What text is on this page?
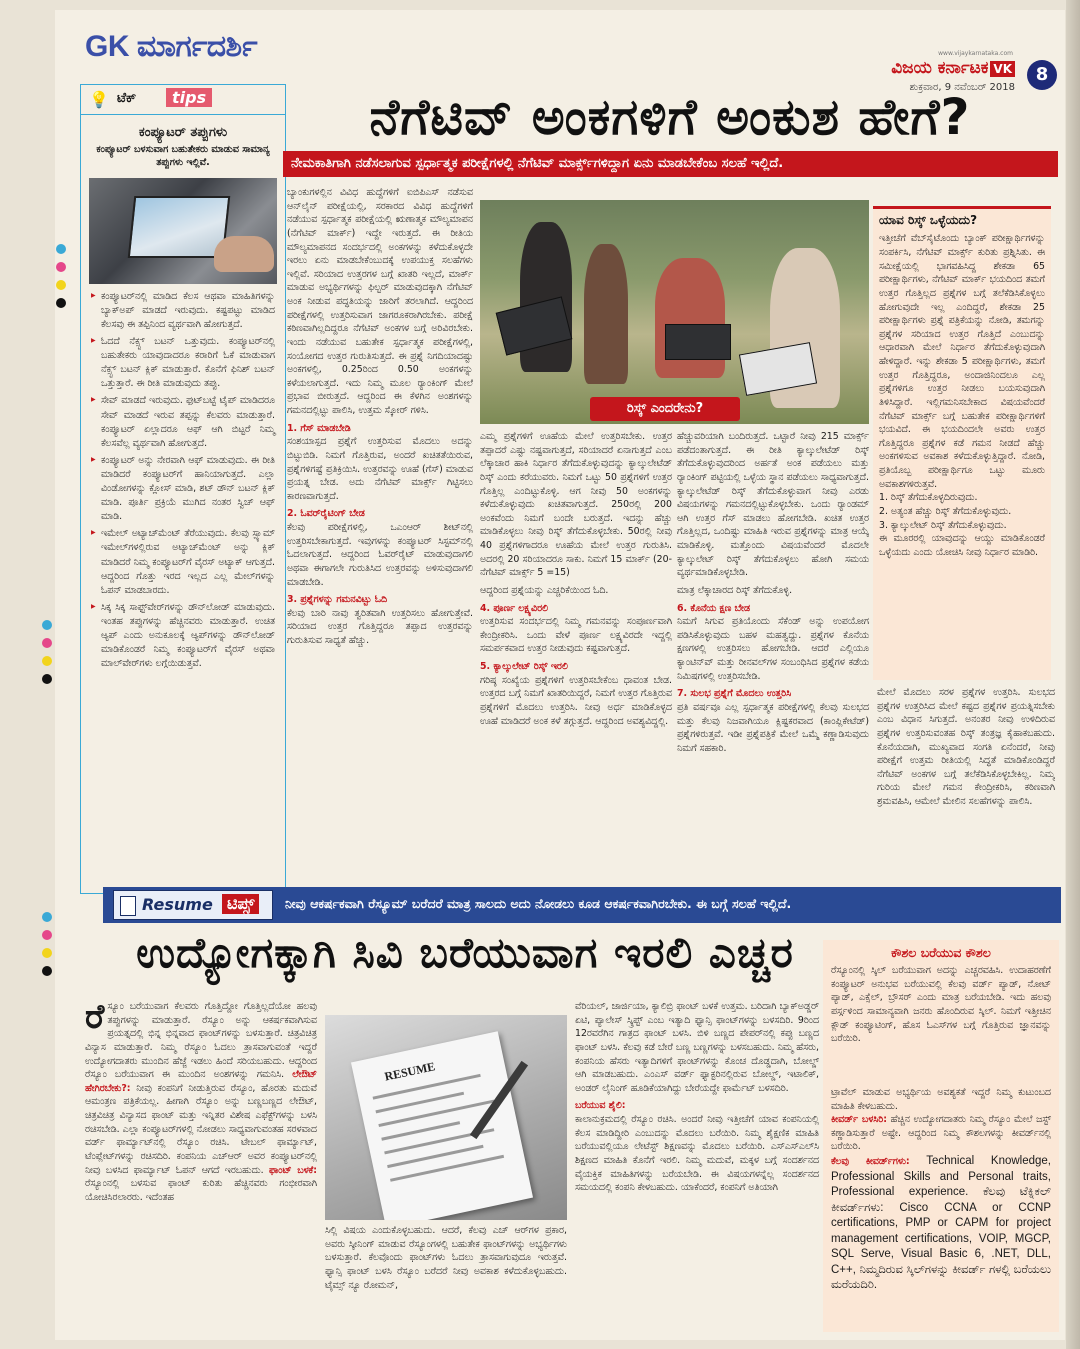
GK ಮಾರ್ಗದರ್ಶಿ	www.vijaykarnataka.com
ವಿಜಯ ಕರ್ನಾಟಕ VK	8
ಶುಕ್ರವಾರ, 9 ನವೆಂಬರ್ 2018
💡 ಟೆಕ್	tips
ಕಂಪ್ಯೂಟರ್ ತಪ್ಪುಗಳು
ಕಂಪ್ಯೂಟರ್ ಬಳಸುವಾಗ ಬಹುತೇಕರು ಮಾಡುವ ಸಾಮಾನ್ಯ ತಪ್ಪುಗಳು ಇಲ್ಲಿವೆ.
▶ ಕಂಪ್ಯೂಟರ್‌ನಲ್ಲಿ ಮಾಡಿದ ಕೆಲಸ ಆಥವಾ ಮಾಹಿತಿಗಳನ್ನು ಬ್ಯಾಕ್‌ಅಪ್ ಮಾಡದೆ ಇರುವುದು. ಕಷ್ಟಪಟ್ಟು ಮಾಡಿದ ಕೆಲಸವು ಈ ತಪ್ಪಿನಿಂದ ವ್ಯರ್ಥವಾಗಿ ಹೋಗುತ್ತದೆ.
▶ ಓದದೆ ನೆಕ್ಸ್ಟ್ ಬಟನ್ ಒತ್ತುವುದು. ಕಂಪ್ಯೂಟರ್‌ನಲ್ಲಿ ಬಹುತೇಕರು ಯಾವುದಾದರೂ ಕರಾರಿಗೆ ಓಕೆ ಮಾಡುವಾಗ ನೆಕ್ಸ್ಟ್ ಬಟನ್ ಕ್ಲಿಕ್ ಮಾಡುತ್ತಾರೆ. ಕೊನೆಗೆ ಫಿನಿಶ್ ಬಟನ್ ಒತ್ತುತ್ತಾರೆ. ಈ ರೀತಿ ಮಾಡುವುದು ತಪ್ಪು.
▶ ಸೇವ್ ಮಾಡದೆ ಇರುವುದು. ಫುಟ್‌ಬಟ್ಟೆ ಟೈಪ್ ಮಾಡಿದರೂ ಸೇವ್ ಮಾಡದೆ ಇರುವ ತಪ್ಪನ್ನು ಕೆಲವರು ಮಾಡುತ್ತಾರೆ. ಕಂಪ್ಯೂಟರ್ ಏಲ್ಲಾದರೂ ಆಫ್ ಆಗಿ ಬಿಟ್ಟರೆ ನಿಮ್ಮ ಕೆಲಸವೆಲ್ಲ ವ್ಯರ್ಥವಾಗಿ ಹೋಗುತ್ತದೆ.
▶ ಕಂಪ್ಯೂಟರ್ ಅನ್ನು ನೇರವಾಗಿ ಆಫ್ ಮಾಡುವುದು. ಈ ರೀತಿ ಮಾಡಿದರೆ ಕಂಪ್ಯೂಟರ್‌ಗೆ ಹಾನಿಯಾಗುತ್ತದೆ. ಎಲ್ಲಾ ವಿಂಡೋಗಳನ್ನು ಕ್ಲೋಸ್ ಮಾಡಿ, ಶಟ್ ಡೌನ್ ಬಟನ್ ಕ್ಲಿಕ್ ಮಾಡಿ. ಪೂರ್ತಿ ಪ್ರಕ್ರಿಯೆ ಮುಗಿದ ನಂತರ ಸ್ವಿಚ್ ಆಫ್ ಮಾಡಿ.
▶ ಇಮೇಲ್ ಅಟ್ಯಾಚ್‌ಮೆಂಟ್ ತೆರೆಯುವುದು. ಕೆಲವು ಸ್ಪ್ಯಾಮ್ ಇಮೇಲ್‌ಗಳಲ್ಲಿರುವ ಅಟ್ಯಾಚ್‌ಮೆಂಟ್ ಅನ್ನು ಕ್ಲಿಕ್ ಮಾಡಿದರೆ ನಿಮ್ಮ ಕಂಪ್ಯೂಟರ್‌ಗೆ ವೈರಸ್ ಅಟ್ಯಾಕ್ ಆಗುತ್ತದೆ. ಆದ್ದರಿಂದ ಗೊತ್ತು ಇರದ ಇಲ್ಲದ ಎಲ್ಲ ಮೇಲ್‌ಗಳನ್ನು ಓಪನ್ ಮಾಡಬಾರದು.
▶ ಸಿಕ್ಕ ಸಿಕ್ಕ ಸಾಫ್ಟ್‌ವೇರ್‌ಗಳನ್ನು ಡೌನ್‌ಲೋಡ್ ಮಾಡುವುದು. ಇಂತಹ ತಪ್ಪುಗಳನ್ನು ಹೆಚ್ಚಿನವರು ಮಾಡುತ್ತಾರೆ. ಉಚಿತ ಆ್ಯಪ್ ಎಂದು ಅನುಕೂಲಕ್ಕೆ ಆ್ಯಪ್‌ಗಳನ್ನು ಡೌನ್‌ಲೋಡ್ ಮಾಡಿಕೊಂಡರೆ ನಿಮ್ಮ ಕಂಪ್ಯೂಟರ್‌ಗೆ ವೈರಸ್ ಅಥವಾ ಮಾಲ್‌ವೇರ್‌ಗಳು ಲಗ್ಗೆಯಿಡುತ್ತವೆ.
ನೆಗೆಟಿವ್ ಅಂಕಗಳಿಗೆ ಅಂಕುಶ ಹೇಗೆ?
ನೇಮಕಾತಿಗಾಗಿ ನಡೆಸಲಾಗುವ ಸ್ಪರ್ಧಾತ್ಮಕ ಪರೀಕ್ಷೆಗಳಲ್ಲಿ ನೆಗೆಟಿವ್ ಮಾರ್ಕ್ಸ್‌ಗಳಿದ್ದಾಗ ಏನು ಮಾಡಬೇಕೆಂಬ ಸಲಹೆ ಇಲ್ಲಿದೆ.
ಬ್ಯಾಂಕುಗಳಲ್ಲಿನ ವಿವಿಧ ಹುದ್ದೆಗಳಿಗೆ ಐಬಿಪಿಎಸ್ ನಡೆಸುವ ಆನ್‌ಲೈನ್ ಪರೀಕ್ಷೆಯಲ್ಲಿ, ಸರಕಾರದ ವಿವಿಧ ಹುದ್ದೆಗಳಿಗೆ ನಡೆಯುವ ಸ್ಪರ್ಧಾತ್ಮಕ ಪರೀಕ್ಷೆಯಲ್ಲಿ ಋಣಾತ್ಮಕ ಮೌಲ್ಯಮಾಪನ (ನೆಗೆಟಿವ್ ಮಾರ್ಕ್) ಇದ್ದೇ ಇರುತ್ತದೆ. ಈ ರೀತಿಯ ಮೌಲ್ಯಮಾಪನದ ಸಂದರ್ಭದಲ್ಲಿ ಅಂಕಗಳನ್ನು ಕಳೆದುಕೊಳ್ಳದೇ ಇರಲು ಏನು ಮಾಡಬೇಕೆಂಬುದಕ್ಕೆ ಉಪಯುಕ್ತ ಸಲಹೆಗಳು ಇಲ್ಲಿವೆ. ಸರಿಯಾದ ಉತ್ತರಗಳ ಬಗ್ಗೆ ಖಾತರಿ ಇಲ್ಲದೆ, ಮಾರ್ಕ್ ಮಾಡುವ ಅಭ್ಯರ್ಥಿಗಳನ್ನು ಫಿಲ್ಟರ್ ಮಾಡುವುದಕ್ಕಾಗಿ ನೆಗೆಟಿವ್ ಅಂಕ ನೀಡುವ ಪದ್ಧತಿಯನ್ನು ಜಾರಿಗೆ ತರಲಾಗಿದೆ. ಆದ್ದರಿಂದ ಪರೀಕ್ಷೆಗಳಲ್ಲಿ ಉತ್ತರಿಸುವಾಗ ಜಾಗರೂಕರಾಗಿರಬೇಕು. ಪರೀಕ್ಷೆ ಕಠಿಣವಾಗಿಲ್ಲದಿದ್ದರೂ ನೆಗೆಟಿವ್ ಅಂಕಗಳ ಬಗ್ಗೆ ಅರಿವಿರಬೇಕು. ಇಂದು ನಡೆಯುವ ಬಹುತೇಕ ಸ್ಪರ್ಧಾತ್ಮಕ ಪರೀಕ್ಷೆಗಳಲ್ಲಿ, ಸಂಯೋಗದ ಉತ್ತರ ಗುರುತಿಸುತ್ತದೆ. ಈ ಪ್ರಶ್ನೆ ನಿಗದಿಯಾದಷ್ಟು ಅಂಕಗಳಲ್ಲಿ, 0.25ರಿಂದ 0.50 ಅಂಕಗಳನ್ನು ಕಳೆಯಲಾಗುತ್ತದೆ. ಇದು ನಿಮ್ಮ ಮೂಲ ರ್‍ಯಾಂಕಿಂಗ್ ಮೇಲೆ ಪ್ರಭಾವ ಬೀರುತ್ತದೆ. ಆದ್ದರಿಂದ ಈ ಕೆಳಗಿನ ಅಂಶಗಳನ್ನು ಗಮನದಲ್ಲಿಟ್ಟು ಪಾಲಿಸಿ, ಉತ್ತಮ ಸ್ಕೋರ್ ಗಳಿಸಿ.
1. ಗೆಸ್ ಮಾಡಬೇಡಿ
ಸಂಶಯಾಸ್ಪದ ಪ್ರಶ್ನೆಗೆ ಉತ್ತರಿಸುವ ಮೊದಲು ಅದನ್ನು ಬಿಟ್ಟುಬಿಡಿ. ನಿಮಗೆ ಗೊತ್ತಿರುವ, ಅಂದರೆ ಖಚಿತತೆಯಿರುವ, ಪ್ರಶ್ನೆಗಳಿಗಷ್ಟೆ ಪ್ರತಿಕ್ರಿಯಿಸಿ. ಉತ್ತರವನ್ನು ಊಹೆ (ಗೆಸ್) ಮಾಡುವ ಪ್ರಯತ್ನ ಬೇಡ. ಅದು ನೆಗೆಟಿವ್ ಮಾರ್ಕ್ಸ್ ಗಿಟ್ಟಿಸಲು ಕಾರಣವಾಗುತ್ತದೆ.
2. ಓವರ್‌ರೈಟಿಂಗ್ ಬೇಡ
ಕೆಲವು ಪರೀಕ್ಷೆಗಳಲ್ಲಿ, ಒಎಂಆರ್ ಶೀಟ್‌ನಲ್ಲಿ ಉತ್ತರಿಸಬೇಕಾಗುತ್ತದೆ. ಇವುಗಳನ್ನು ಕಂಪ್ಯೂಟರ್ ಸಿಸ್ಟಮ್‌ನಲ್ಲಿ ಓದಲಾಗುತ್ತದೆ. ಆದ್ದರಿಂದ ಓವರ್‌ರೈಟ್ ಮಾಡುವುದಾಗಲಿ ಅಥವಾ ಈಗಾಗಲೇ ಗುರುತಿಸಿದ ಉತ್ತರವನ್ನು ಅಳಿಸುವುದಾಗಲಿ ಮಾಡಬೇಡಿ.
3. ಪ್ರಶ್ನೆಗಳನ್ನು ಗಮನವಿಟ್ಟು ಓದಿ
ಕೆಲವು ಬಾರಿ ನಾವು ತ್ವರಿತವಾಗಿ ಉತ್ತರಿಸಲು ಹೋಗುತ್ತೇವೆ. ಸರಿಯಾದ ಉತ್ತರ ಗೊತ್ತಿದ್ದರೂ ತಪ್ಪಾದ ಉತ್ತರವನ್ನು ಗುರುತಿಸುವ ಸಾಧ್ಯತೆ ಹೆಚ್ಚು.
ರಿಸ್ಕ್ ಎಂದರೇನು?
ಎಮ್ಮ ಪ್ರಶ್ನೆಗಳಿಗೆ ಊಹೆಯ ಮೇಲೆ ಉತ್ತರಿಸಬೇಕು. ಉತ್ತರ ತಪ್ಪಾದರೆ ಎಷ್ಟು ನಷ್ಟವಾಗುತ್ತದೆ, ಸರಿಯಾದರೆ ಏನಾಗುತ್ತದೆ ಎಂಬ ಲೆಕ್ಕಾಚಾರ ಹಾಕಿ ನಿರ್ಧಾರ ತೆಗೆದುಕೊಳ್ಳುವುದನ್ನು ಕ್ಯಾಲ್ಕುಲೇಟೆಡ್ ರಿಸ್ಕ್ ಎಂದು ಕರೆಯುವರು. ನಿಮಗೆ ಒಟ್ಟು 50 ಪ್ರಶ್ನೆಗಳಿಗೆ ಉತ್ತರ ಗೊತ್ತಿಲ್ಲ ಎಂದಿಟ್ಟುಕೊಳ್ಳಿ. ಆಗ ನೀವು 50 ಅಂಕಗಳನ್ನು ಕಳೆದುಕೊಳ್ಳುವುದು ಖಚಿತವಾಗುತ್ತದೆ. 250ರಲ್ಲಿ 200 ಅಂಕವೆಂದು ನಿಮಗೆ ಬಂದೇ ಬರುತ್ತದೆ. ಇದನ್ನು ಹೆಚ್ಚು ಮಾಡಿಕೊಳ್ಳಲು ನೀವು ರಿಸ್ಕ್ ತೆಗೆದುಕೊಳ್ಳಬೇಕು. 50ರಲ್ಲಿ ನೀವು 40 ಪ್ರಶ್ನೆಗಳಿಗಾದರೂ ಊಹೆಯ ಮೇಲೆ ಉತ್ತರ ಗುರುತಿಸಿ. ಅದರಲ್ಲಿ 20 ಸರಿಯಾದರೂ ಸಾಕು. ನಿಮಗೆ 15 ಮಾರ್ಕ್ (20-ನೆಗೆಟಿವ್ ಮಾರ್ಕ್ಸ್ 5 =15)
ಆದ್ದರಿಂದ ಪ್ರಶ್ನೆಯನ್ನು ಎಚ್ಚರಿಕೆಯಿಂದ ಓದಿ.
4. ಪೂರ್ಣ ಲಕ್ಷ್ಯವಿರಲಿ
ಉತ್ತರಿಸುವ ಸಂದರ್ಭದಲ್ಲಿ ನಿಮ್ಮ ಗಮನವನ್ನು ಸಂಪೂರ್ಣವಾಗಿ ಕೇಂದ್ರೀಕರಿಸಿ. ಒಂದು ವೇಳೆ ಪೂರ್ಣ ಲಕ್ಷ್ಯವಿರದೇ ಇದ್ದಲ್ಲಿ ಸಮರ್ಪಕವಾದ ಉತ್ತರ ನೀಡುವುದು ಕಷ್ಟವಾಗುತ್ತದೆ.
5. ಕ್ಯಾಲ್ಕುಲೇಟ್ ರಿಸ್ಕ್ ಇರಲಿ
ಗರಿಷ್ಠ ಸಂಖ್ಯೆಯ ಪ್ರಶ್ನೆಗಳಿಗೆ ಉತ್ತರಿಸಬೇಕೆಂಬ ಧಾವಂತ ಬೇಡ. ಉತ್ತರದ ಬಗ್ಗೆ ನಿಮಗೆ ಖಾತರಿಯಿದ್ದರೆ, ನಿಮಗೆ ಉತ್ತರ ಗೊತ್ತಿರುವ ಪ್ರಶ್ನೆಗಳಿಗೆ ಮೊದಲು ಉತ್ತರಿಸಿ. ನೀವು ಅರ್ಧ ಮಾಡಿಕೊಳ್ಳದ ಊಹೆ ಮಾಡಿದರೆ ಅಂಕ ಕಳೆ ತಗ್ಗುತ್ತದೆ. ಆದ್ದರಿಂದ ಅವಶ್ಯವಿದ್ದಲ್ಲಿ.
ಹೆಚ್ಚುವರಿಯಾಗಿ ಬಂದಿರುತ್ತದೆ. ಒಟ್ಟಾರೆ ನೀವು 215 ಮಾರ್ಕ್ಸ್ ಪಡೆದಂತಾಗುತ್ತದೆ. ಈ ರೀತಿ ಕ್ಯಾಲ್ಕುಲೇಟೆಡ್ ರಿಸ್ಕ್ ತೆಗೆದುಕೊಳ್ಳುವುದರಿಂದ ಅರ್ಹತೆ ಅಂಕ ಪಡೆಯಲು ಮತ್ತು ರ್‍ಯಾಂಕಿಂಗ್ ಪಟ್ಟಿಯಲ್ಲಿ ಒಳ್ಳೆಯ ಸ್ಥಾನ ಪಡೆಯಲು ಸಾಧ್ಯವಾಗುತ್ತದೆ. ಕ್ಯಾಲ್ಕುಲೇಟೆಡ್ ರಿಸ್ಕ್ ತೆಗೆದುಕೊಳ್ಳುವಾಗ ನೀವು ಎರಡು ವಿಷಯಗಳನ್ನು ಗಮನದಲ್ಲಿಟ್ಟುಕೊಳ್ಳಬೇಕು. ಒಂದು ರ್‍ಯಾಂಡಮ್ ಆಗಿ ಉತ್ತರ ಗೆಸ್ ಮಾಡಲು ಹೋಗಬೇಡಿ. ಖಚಿತ ಉತ್ತರ ಗೊತ್ತಿಲ್ಲದ, ಒಂದಿಷ್ಟು ಮಾಹಿತಿ ಇರುವ ಪ್ರಶ್ನೆಗಳನ್ನು ಮಾತ್ರ ಆಯ್ಕೆ ಮಾಡಿಕೊಳ್ಳಿ. ಮತ್ತೊಂದು ವಿಷಯವೆಂದರೆ ಮೊದಲೇ ಕ್ಯಾಲ್ಕುಲೇಟ್ ರಿಸ್ಕ್ ತೆಗೆದುಕೊಳ್ಳಲು ಹೋಗಿ ಸಮಯ ವ್ಯರ್ಥಮಾಡಿಕೊಳ್ಳಬೇಡಿ.
ಮಾತ್ರ ಲೆಕ್ಕಾಚಾರದ ರಿಸ್ಕ್ ತೆಗೆದುಕೊಳ್ಳಿ.
6. ಕೊನೆಯ ಕ್ಷಣ ಬೇಡ
ನಿಮಗೆ ಸಿಗುವ ಪ್ರತಿಯೊಂದು ಸೆಕೆಂಡ್ ಅನ್ನು ಉಪಯೋಗ ಪಡಿಸಿಕೊಳ್ಳುವುದು ಬಹಳ ಮಹತ್ವದ್ದು. ಪ್ರಶ್ನೆಗಳ ಕೊನೆಯ ಕ್ಷಣಗಳಲ್ಲಿ ಉತ್ತರಿಸಲು ಹೋಗಬೇಡಿ. ಆದರೆ ಎಲ್ಲಿಯೂ ಕ್ಯಾಂಟಿನ್‌ವ್‌ ಮತ್ತು ರೀನವಲ್‌ಗಳ ಸಂಬಂಧಿಸಿದ ಪ್ರಶ್ನೆಗಳ ಕಡೆಯ ನಿಮಿಷಗಳಲ್ಲಿ ಉತ್ತರಿಸಬೇಡಿ.
7. ಸುಲಭ ಪ್ರಶ್ನೆಗೆ ಮೊದಲು ಉತ್ತರಿಸಿ
ಪ್ರತಿ ವರ್ಷವೂ ಎಲ್ಲ ಸ್ಪರ್ಧಾತ್ಮಕ ಪರೀಕ್ಷೆಗಳಲ್ಲಿ ಕೆಲವು ಸುಲಭದ ಮತ್ತು ಕೆಲವು ನಿಜವಾಗಿಯೂ ಕ್ಲಿಷ್ಟಕರವಾದ (ಕಾಂಪ್ಲಿಕೇಟೆಡ್) ಪ್ರಶ್ನೆಗಳಿರುತ್ತವೆ. ಇಡೀ ಪ್ರಶ್ನೆಪತ್ರಿಕೆ ಮೇಲೆ ಒಮ್ಮೆ ಕಣ್ಣಾಡಿಸುವುದು ನಿಮಗೆ ಸಹಕಾರಿ.
ಯಾವ ರಿಸ್ಕ್ ಒಳ್ಳೆಯದು?

ಇತ್ತೀಚೆಗೆ ವೆಬ್‌ಸೈಟೊಂದು ಬ್ಯಾಂಕ್ ಪರೀಕ್ಷಾರ್ಥಿಗಳನ್ನು ಸಂಪರ್ಕಿಸಿ, ನೆಗೆಟಿವ್ ಮಾರ್ಕ್ಸ್ ಕುರಿತು ಪ್ರಶ್ನಿಸಿತು. ಈ ಸಮೀಕ್ಷೆಯಲ್ಲಿ ಭಾಗವಹಿಸಿದ್ದ ಶೇಕಡಾ 65 ಪರೀಕ್ಷಾರ್ಥಿಗಳು, ನೆಗೆಟಿವ್ ಮಾರ್ಕ್ ಭಯದಿಂದ ತಮಗೆ ಉತ್ತರ ಗೊತ್ತಿಲ್ಲದ ಪ್ರಶ್ನೆಗಳ ಬಗ್ಗೆ ತಲೆಕೆಡಿಸಿಕೊಳ್ಳಲು ಹೋಗುವುದೇ ಇಲ್ಲ ಎಂದಿದ್ದರೆ, ಶೇಕಡಾ 25 ಪರೀಕ್ಷಾರ್ಥಿಗಳು ಪ್ರಶ್ನೆ ಪತ್ರಿಕೆಯನ್ನು ನೋಡಿ, ತಮಗನ್ನು ಪ್ರಶ್ನೆಗಳ ಸರಿಯಾದ ಉತ್ತರ ಗೊತ್ತಿದೆ ಎಂಬುದನ್ನು ಆಧಾರವಾಗಿ ಮೇಲೆ ನಿರ್ಧಾರ ತೆಗೆದುಕೊಳ್ಳುವುದಾಗಿ ಹೇಳಿದ್ದಾರೆ. ಇನ್ನು ಶೇಕಡಾ 5 ಪರೀಕ್ಷಾರ್ಥಿಗಳು, ತಮಗೆ ಉತ್ತರ ಗೊತ್ತಿದ್ದರೂ, ಅಂದಾಜಿನಿಂದಲೂ ಎಲ್ಲ ಪ್ರಶ್ನೆಗಳಿಗೂ ಉತ್ತರ ನೀಡಲು ಬಯಸುವುದಾಗಿ ತಿಳಿಸಿದ್ದಾರೆ. ಇಲ್ಲಿಗಮನಿಸಬೇಕಾದ ವಿಷಯವೆಂದರೆ ನೆಗೆಟಿವ್ ಮಾರ್ಕ್ಸ್ ಬಗ್ಗೆ ಬಹುತೇಕ ಪರೀಕ್ಷಾರ್ಥಿಗಳಿಗೆ ಭಯವಿದೆ. ಈ ಭಯದಿಂದಲೇ ಅವರು ಉತ್ತರ ಗೊತ್ತಿದ್ದರೂ ಪ್ರಶ್ನೆಗಳ ಕಡೆ ಗಮನ ನೀಡದೆ ಹೆಚ್ಚು ಅಂಕಗಳಿಸುವ ಅವಕಾಶ ಕಳೆದುಕೊಳ್ಳುತ್ತಿದ್ದಾರೆ. ನೋಡಿ, ಪ್ರತಿಯೊಬ್ಬ ಪರೀಕ್ಷಾರ್ಥಿಗೂ ಒಟ್ಟು ಮೂರು ಅವಕಾಶಗಳಿರುತ್ತವೆ.

1. ರಿಸ್ಕ್ ತೆಗೆದುಕೊಳ್ಳದಿರುವುದು.

2. ಅತ್ಯಂತ ಹೆಚ್ಚು ರಿಸ್ಕ್ ತೆಗೆದುಕೊಳ್ಳುವುದು.

3. ಕ್ಯಾಲ್ಕುಲೇಟ್ ರಿಸ್ಕ್ ತೆಗೆದುಕೊಳ್ಳುವುದು.

ಈ ಮೂರರಲ್ಲಿ ಯಾವುದನ್ನು ಆಯ್ದು ಮಾಡಿಕೊಂಡರೆ ಒಳ್ಳೆಯದು ಎಂದು ಯೋಚಿಸಿ ನೀವು ನಿರ್ಧಾರ ಮಾಡಿರಿ.

ಮೇಲೆ ಮೊದಲು ಸರಳ ಪ್ರಶ್ನೆಗಳ ಉತ್ತರಿಸಿ. ಸುಲಭದ ಪ್ರಶ್ನೆಗಳ ಉತ್ತರಿಸಿದ ಮೇಲೆ ಕಷ್ಟದ ಪ್ರಶ್ನೆಗಳ ಪ್ರಯತ್ನಿಸಬೇಕು ಎಂಬ ವಿಧಾನ ಸಿಗುತ್ತದೆ. ಅನಂತರ ನೀವು ಉಳಿದಿರುವ ಪ್ರಶ್ನೆಗಳ ಉತ್ತರಿಸುವಂತಹ ರಿಸ್ಕ್ ತಂತ್ರಜ್ಞ ಕೈಹಾಕಬಹುದು. ಕೊನೆಯದಾಗಿ, ಮುಖ್ಯವಾದ ಸಂಗತಿ ಏನೆಂದರೆ, ನೀವು ಪರೀಕ್ಷೆಗೆ ಉತ್ತಮ ರೀತಿಯಲ್ಲಿ ಸಿದ್ಧತೆ ಮಾಡಿಕೊಂಡಿದ್ದರೆ ನೆಗೆಟಿವ್ ಅಂಕಗಳ ಬಗ್ಗೆ ತಲೆಕೆಡಿಸಿಕೊಳ್ಳಬೇಕಿಲ್ಲ. ನಿಮ್ಮ ಗುರಿಯ ಮೇಲೆ ಗಮನ ಕೇಂದ್ರೀಕರಿಸಿ, ಕಠಿಣವಾಗಿ ಶ್ರಮವಹಿಸಿ, ಆಮೇಲೆ ಮೇಲಿನ ಸಲಹೆಗಳನ್ನು ಪಾಲಿಸಿ.
Resume ಟಿಪ್ಸ್	ನೀವು ಆಕರ್ಷಕವಾಗಿ ರೆಸ್ಯೂಮ್ ಬರೆದರೆ ಮಾತ್ರ ಸಾಲದು ಅದು ನೋಡಲು ಕೂಡ ಆಕರ್ಷಕವಾಗಿರಬೇಕು. ಈ ಬಗ್ಗೆ ಸಲಹೆ ಇಲ್ಲಿದೆ.
ಉದ್ಯೋಗಕ್ಕಾಗಿ ಸಿವಿ ಬರೆಯುವಾಗ ಇರಲಿ ಎಚ್ಚರ
ರೆ ಸ್ಯೂಂ ಬರೆಯುವಾಗ ಕೆಲವರು ಗೊತ್ತಿದ್ದೋ ಗೊತ್ತಿಲ್ಲದೆಯೋ ಹಲವು ತಪ್ಪುಗಳನ್ನು ಮಾಡುತ್ತಾರೆ. ರೆಸ್ಯೂಂ ಅನ್ನು ಆಕರ್ಷಕವಾಗಿಸುವ ಪ್ರಯತ್ನದಲ್ಲಿ ಭಿನ್ನ ಭಿನ್ನವಾದ ಫಾಂಟ್‌ಗಳನ್ನು ಬಳಸುತ್ತಾರೆ. ಚಿತ್ರವಿಚಿತ್ರ ವಿನ್ಯಾಸ ಮಾಡುತ್ತಾರೆ. ನಿಮ್ಮ ರೆಸ್ಯೂಂ ಓದಲು ತ್ರಾಸವಾಗುವಂತೆ ಇದ್ದರೆ ಉದ್ಯೋಗದಾತರು ಮುಂದಿನ ಹೆಜ್ಜೆ ಇಡಲು ಹಿಂದೆ ಸರಿಯಬಹುದು. ಆದ್ದರಿಂದ ರೆಸ್ಯೂಂ ಬರೆಯುವಾಗ ಈ ಮುಂದಿನ ಅಂಶಗಳನ್ನು ಗಮನಿಸಿ. ಲೇಔಟ್ ಹೇಗಿರಬೇಕು?: ನೀವು ಕಂಪನಿಗೆ ನೀಡುತ್ತಿರುವ ರೆಸ್ಯೂಂ, ಹೊರತು ಮದುವೆ ಆಮಂತ್ರಣ ಪತ್ರಿಕೆಯಲ್ಲ. ಹೀಗಾಗಿ ರೆಸ್ಯೂಂ ಅನ್ನು ಬಣ್ಣಬಣ್ಣದ ಲೇಔಟ್, ಚಿತ್ರವಿಚಿತ್ರ ವಿನ್ಯಾಸದ ಫಾಂಟ್ ಮತ್ತು ಇನ್ನಿತರ ವಿಶೇಷ ಎಫೆಕ್ಟ್‌ಗಳನ್ನು ಬಳಸಿ ರಚಿಸಬೇಡಿ. ಎಲ್ಲಾ ಕಂಪ್ಯೂಟರ್‌ಗಳಲ್ಲಿ ನೋಡಲು ಸಾಧ್ಯವಾಗುವಂತಹ ಸರಳವಾದ ವರ್ಡ್ ಫಾರ್ಮ್ಯಾಟ್‌ನಲ್ಲಿ ರೆಸ್ಯೂಂ ರಚಿಸಿ. ಟೇಬಲ್ ಫಾರ್ಮ್ಯಾಟ್, ಟೆಂಪ್ಲೇಟ್‌ಗಳನ್ನು ರಚಿಸದಿರಿ. ಕಂಪನಿಯ ಎಚ್‌ಆರ್ ಅವರ ಕಂಪ್ಯೂಟರ್‌ನಲ್ಲಿ ನೀವು ಬಳಸಿದ ಫಾರ್ಮ್ಯಾಟ್ ಓಪನ್ ಆಗದೆ ಇರಬಹುದು. ಫಾಂಟ್ ಬಳಕೆ: ರೆಸ್ಯೂಂನಲ್ಲಿ ಬಳಸುವ ಫಾಂಟ್ ಕುರಿತು ಹೆಚ್ಚಿನವರು ಗಂಭೀರವಾಗಿ ಯೋಚಿಸಿರಲಾರರು. ಇದೆಂತಹ
RESUME
ಸಿಲ್ಲಿ ವಿಷಯ ಎಂದುಕೊಳ್ಳಬಹುದು. ಆದರೆ, ಕೆಲವು ಎಚ್ ಆರ್‌ಗಳ ಪ್ರಕಾರ, ಅವರು ಸ್ಕೀನಿಂಗ್ ಮಾಡುವ ರೆಸ್ಯೂಂಗಳಲ್ಲಿ ಬಹುತೇಕ ಫಾಂಟ್‌ಗಳನ್ನು ಅಭ್ಯರ್ಥಿಗಳು ಬಳಸುತ್ತಾರೆ. ಕೆಲವೊಂದು ಫಾಂಟ್‌ಗಳು ಓದಲು ತ್ರಾಸವಾಗುವುದೂ ಇರುತ್ತವೆ. ಫ್ಯಾನ್ಸಿ ಫಾಂಟ್ ಬಳಸಿ ರೆಸ್ಯೂಂ ಬರೆದರೆ ನೀವು ಅವಕಾಶ ಕಳೆದುಕೊಳ್ಳಬಹುದು. ಟೈಮ್ಸ್ ನ್ಯೂ ರೋಮನ್,
ವೆರಿಯಲ್, ಜಾರ್ಜಿಯಾ, ಕ್ಯಾಲಿಬ್ರಿ ಫಾಂಟ್ ಬಳಕೆ ಉತ್ತಮ. ಬರಿದಾಗಿ ಬ್ಯಾಕ್‌ಅಡ್ಡರ್ ಏಟಿ, ಪ್ಯಾಲೇಸ್ ಸ್ಕ್ರಿಪ್ಟ್ ಎಂಬ ಇತ್ಯಾದಿ ಫ್ಯಾನ್ಸಿ ಫಾಂಟ್‌ಗಳನ್ನು ಬಳಸದಿರಿ. 9ರಿಂದ 12ರವರೆಗಿನ ಗಾತ್ರದ ಫಾಂಟ್ ಬಳಸಿ. ಬಿಳಿ ಬಣ್ಣದ ಪೇಪರ್‌ನಲ್ಲಿ ಕಪ್ಪು ಬಣ್ಣದ ಫಾಂಟ್ ಬಳಸಿ. ಕೆಲವು ಕಡೆ ಬೇರೆ ಬಣ್ಣ ಬಣ್ಣಗಳನ್ನು ಬಳಸಬಹುದು. ನಿಮ್ಮ ಹೆಸರು, ಕಂಪನಿಯ ಹೆಸರು ಇತ್ಯಾದಿಗಳಿಗೆ ಫಾಂಟ್‌ಗಳನ್ನು ಕೊಂಚ ದೊಡ್ಡದಾಗಿ, ಬೋಲ್ಡ್ ಆಗಿ ಮಾಡಬಹುದು. ಎಂಎಸ್ ವರ್ಡ್ ಫ್ಯಾಕ್ಟರಿನಲ್ಲಿರುವ ಬೋಲ್ಡ್, ಇಟಾಲಿಕ್, ಅಂಡರ್ ಲೈನಿಂಗ್ ಹೂಡಿಕೆಯಾಗಿದ್ದು ಬೇರೆಯದ್ದೇ ಫಾರ್ಮೆಟ್ ಬಳಸದಿರಿ.
ಬರೆಯುವ ಶೈಲಿ:
ಕಾಲಾನುಕ್ರಮದಲ್ಲಿ ರೆಸ್ಯೂಂ ರಚಿಸಿ. ಅಂದರೆ ನೀವು ಇತ್ತೀಚೆಗೆ ಯಾವ ಕಂಪನಿಯಲ್ಲಿ ಕೆಲಸ ಮಾಡಿದ್ದೀರಿ ಎಂಬುದನ್ನು ಮೊದಲು ಬರೆಯಿರಿ. ನಿಮ್ಮ ಶೈಕ್ಷಣಿಕ ಮಾಹಿತಿ ಬರೆಯುವಲ್ಲಿಯೂ ಲೇಟೆಸ್ಟ್ ಶಿಕ್ಷಣವನ್ನು ಮೊದಲು ಬರೆಯಿರಿ. ಎಸ್‌ಎಸ್‌ಎಲ್‌ಸಿ ಶಿಕ್ಷಣದ ಮಾಹಿತಿ ಕೊನೆಗೆ ಇರಲಿ. ನಿಮ್ಮ ಮದುವೆ, ಮಕ್ಕಳ ಬಗ್ಗೆ ಸಂದರ್ಶನದ ವೈಯಕ್ತಿಕ ಮಾಹಿತಿಗಳನ್ನು ಬರೆಯಬೇಡಿ. ಈ ವಿಷಯಗಳನ್ನೆಲ್ಲ ಸಂದರ್ಶನದ ಸಮಯದಲ್ಲಿ ಕಂಪನಿ ಕೇಳಬಹುದು. ಯಾಕೆಂದರೆ, ಕಂಪನಿಗೆ ಅತಿಯಾಗಿ
ಕೌಶಲ ಬರೆಯುವ ಕೌಶಲ

ರೆಸ್ಯೂಂನಲ್ಲಿ ಸ್ಕಿಲ್ ಬರೆಯುವಾಗ ಅದನ್ನು ಎಚ್ಚರವಹಿಸಿ. ಉದಾಹರಣೆಗೆ ಕಂಪ್ಯೂಟರ್ ಅನುಭವ ಬರೆಯುವಲ್ಲಿ ಕೆಲವು ವರ್ಡ್ ಪ್ಯಾಡ್, ನೋಟ್ ಪ್ಯಾಡ್, ಎಕ್ಸೆಲ್, ಬ್ರೌಸರ್ ಎಂದು ಮಾತ್ರ ಬರೆಯಬೇಡಿ. ಇದು ಹಲವು ಪರ್ಸ್ಗಳಿಂದ ಸಾಮಾನ್ಯವಾಗಿ ಜನರು ಹೊಂದಿರುವ ಸ್ಕಿಲ್. ನಿಮಗೆ ಇತ್ತೀಚಿನ ಕ್ಲೌಡ್ ಕಂಪ್ಯೂಟಿಂಗ್, ಹೊಸ ಓಎಸ್‌ಗಳ ಬಗ್ಗೆ ಗೊತ್ತಿರುವ ಜ್ಞಾನವನ್ನು ಬರೆಯಿರಿ.

ಟ್ರಾವೆಲ್ ಮಾಡುವ ಅಭ್ಯರ್ಥಿಯ ಅವಶ್ಯಕತೆ ಇದ್ದರೆ ನಿಮ್ಮ ಕುಟುಂಬದ ಮಾಹಿತಿ ಕೇಳಬಹುದು.

ಕೀವರ್ಡ್ ಬಳಸಿರಿ: ಹೆಚ್ಚಿನ ಉದ್ಯೋಗದಾತರು ನಿಮ್ಮ ರೆಸ್ಯೂಂ ಮೇಲೆ ಜಸ್ಟ್ ಕಣ್ಣಾಡಿಸುತ್ತಾರೆ ಅಷ್ಟೇ. ಆದ್ದರಿಂದ ನಿಮ್ಮ ಕೌಶಲಗಳನ್ನು ಕೀವರ್ಡ್‌ನಲ್ಲಿ ಬರೆಯಿರಿ.

ಕೆಲವು ಕೀವರ್ಡ್‌ಗಳು: Technical Knowledge, Professional Skills and Personal traits, Professional experience. ಕೆಲವು ಟೆಕ್ನಿಕಲ್ ಕೀವರ್ಡ್‌ಗಳು: Cisco CCNA or CCNP certifications, PMP or CAPM for project management certifications, VOIP, MGCP, SQL Serve, Visual Basic 6, .NET, DLL, C++, ನಿಮ್ಮದಿರುವ ಸ್ಕಿಲ್‌ಗಳನ್ನು ಕೀವರ್ಡ್ ಗಳಲ್ಲಿ ಬರೆಯಲು ಮರೆಯದಿರಿ.
